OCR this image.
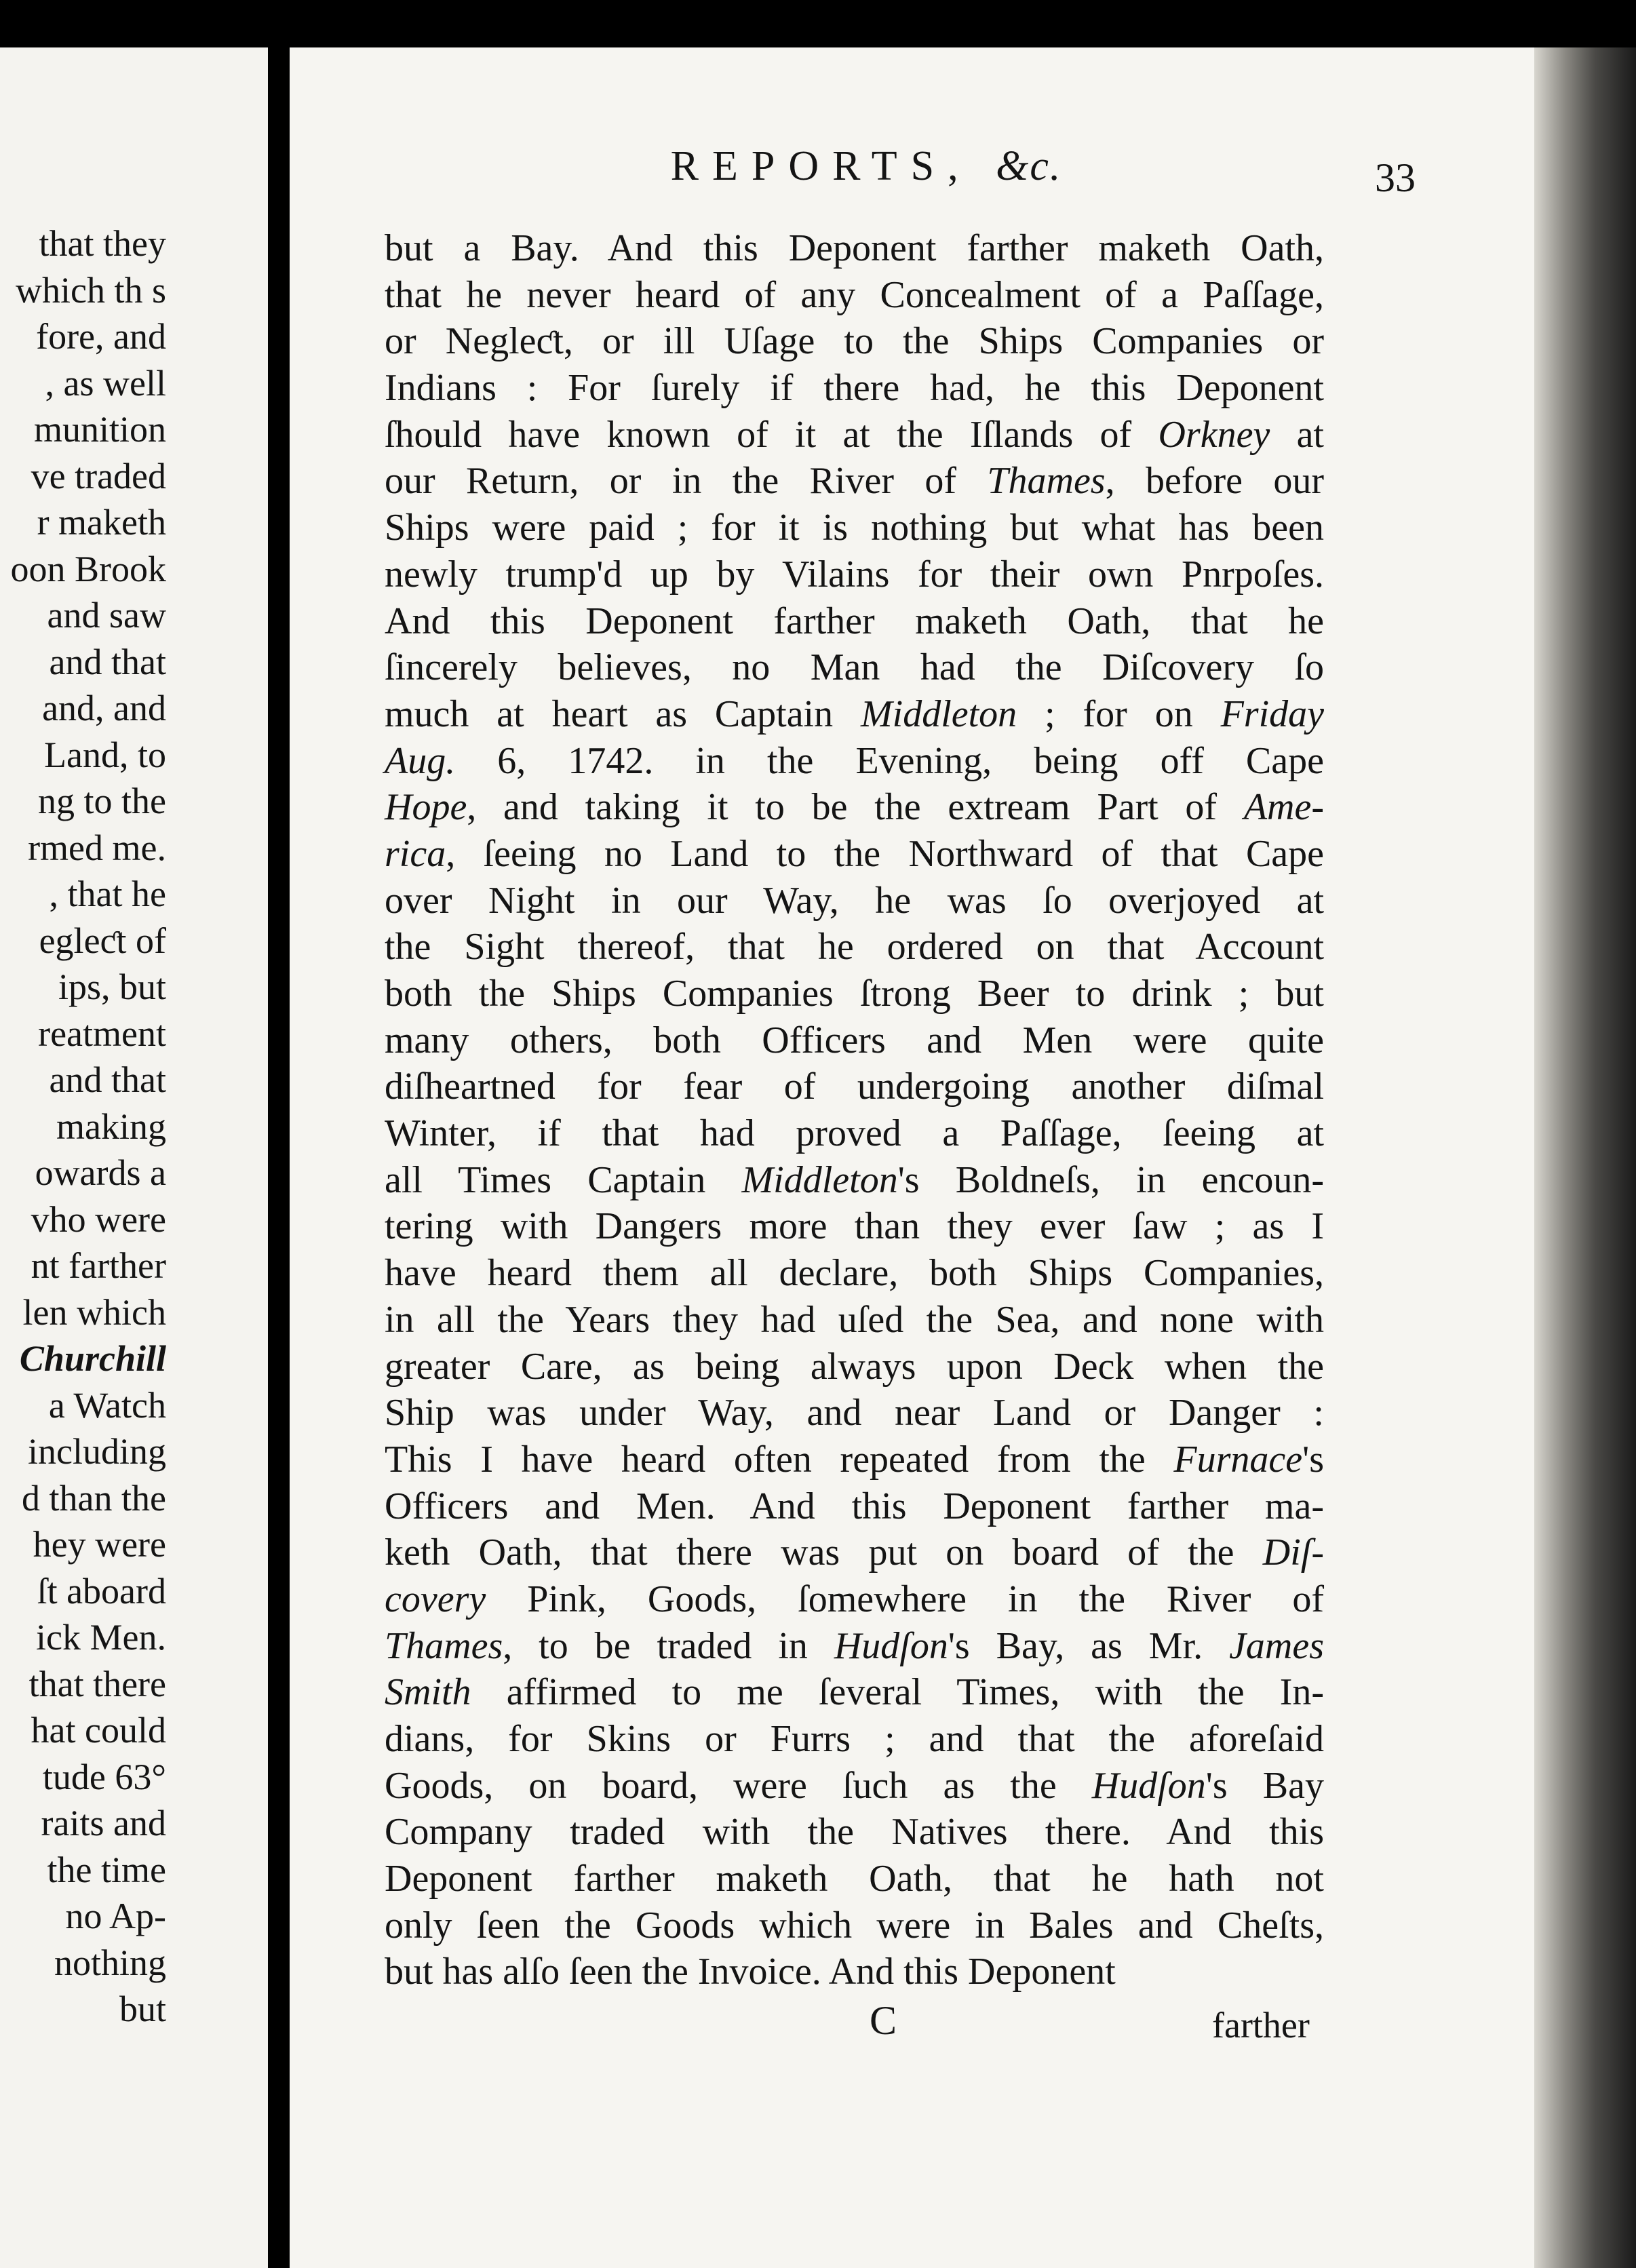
that they
which th s
fore, and
, as well
munition
ve traded
r maketh
oon Brook
and saw
and that
and, and
Land, to
ng to the
rmed me.
, that he
egleƈt of
ips, but
reatment
and that
making
owards a
vho were
nt farther
len which
Churchill
a Watch
including
d than the
hey were
ſt aboard
ick Men.
that there
hat could
tude 63°
raits and
the time
no Ap-
nothing
but
REPORTS, &c.	33
but a Bay. And this Deponent farther maketh Oath,
that he never heard of any Concealment of a Paſſage,
or Negleƈt, or ill Uſage to the Ships Companies or
Indians : For ſurely if there had, he this Deponent
ſhould have known of it at the Iſlands of Orkney at
our Return, or in the River of Thames, before our
Ships were paid ; for it is nothing but what has been
newly trump'd up by Vilains for their own Pnrpoſes.
And this Deponent farther maketh Oath, that he
ſincerely believes, no Man had the Diſcovery ſo
much at heart as Captain Middleton ; for on Friday
Aug. 6, 1742. in the Evening, being off Cape
Hope, and taking it to be the extream Part of Ame-
rica, ſeeing no Land to the Northward of that Cape
over Night in our Way, he was ſo overjoyed at
the Sight thereof, that he ordered on that Account
both the Ships Companies ſtrong Beer to drink ; but
many others, both Officers and Men were quite
diſheartned for fear of undergoing another diſmal
Winter, if that had proved a Paſſage, ſeeing at
all Times Captain Middleton's Boldneſs, in encoun-
tering with Dangers more than they ever ſaw ; as I
have heard them all declare, both Ships Companies,
in all the Years they had uſed the Sea, and none with
greater Care, as being always upon Deck when the
Ship was under Way, and near Land or Danger :
This I have heard often repeated from the Furnace's
Officers and Men. And this Deponent farther ma-
keth Oath, that there was put on board of the Diſ-
covery Pink, Goods, ſomewhere in the River of
Thames, to be traded in Hudſon's Bay, as Mr. James
Smith affirmed to me ſeveral Times, with the In-
dians, for Skins or Furrs ; and that the aforeſaid
Goods, on board, were ſuch as the Hudſon's Bay
Company traded with the Natives there. And this
Deponent farther maketh Oath, that he hath not
only ſeen the Goods which were in Bales and Cheſts,
but has alſo ſeen the Invoice. And this Deponent
C	farther
